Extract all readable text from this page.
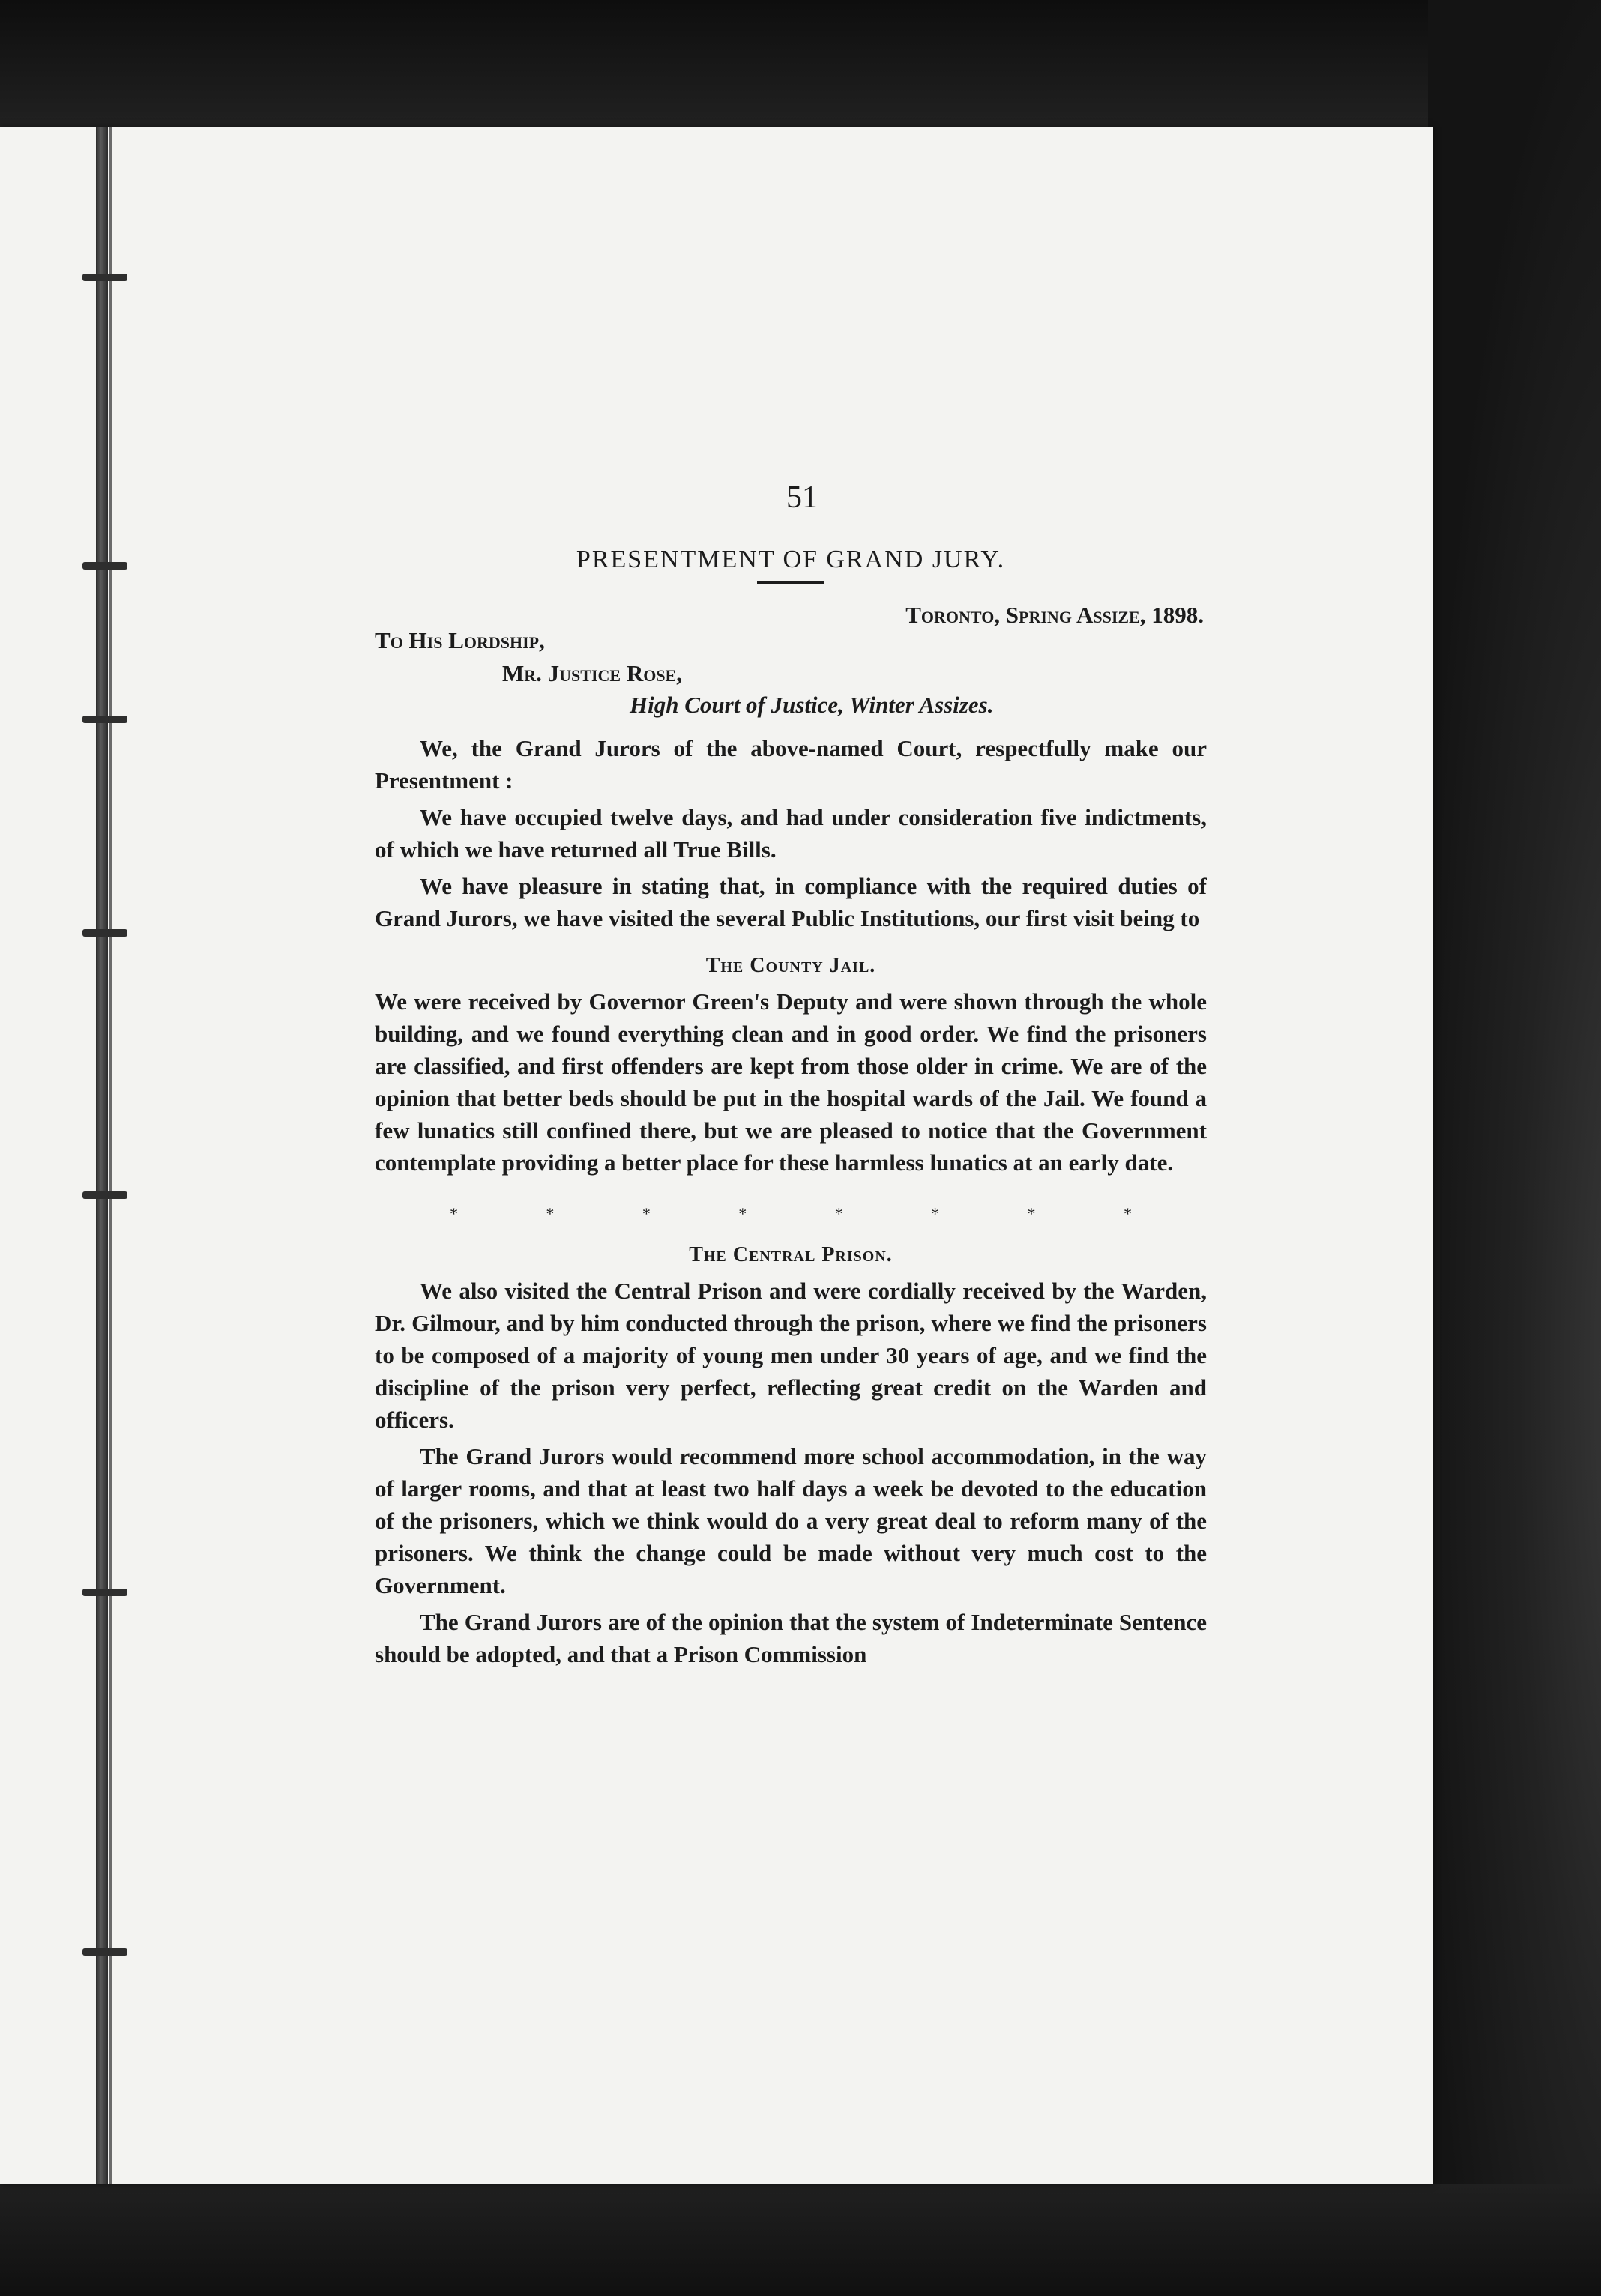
51
PRESENTMENT OF GRAND JURY.
Toronto, Spring Assize, 1898.
To His Lordship,
Mr. Justice Rose,
High Court of Justice, Winter Assizes.

We, the Grand Jurors of the above-named Court, respectfully make our Presentment :

We have occupied twelve days, and had under consideration five indictments, of which we have returned all True Bills.

We have pleasure in stating that, in compliance with the required duties of Grand Jurors, we have visited the several Public Institutions, our first visit being to

The County Jail.

We were received by Governor Green's Deputy and were shown through the whole building, and we found everything clean and in good order. We find the prisoners are classified, and first offenders are kept from those older in crime. We are of the opinion that better beds should be put in the hospital wards of the Jail. We found a few lunatics still confined there, but we are pleased to notice that the Government contemplate providing a better place for these harmless lunatics at an early date.

*	*	*	*	*	*	*	*
The Central Prison.

We also visited the Central Prison and were cordially received by the Warden, Dr. Gilmour, and by him conducted through the prison, where we find the prisoners to be composed of a majority of young men under 30 years of age, and we find the discipline of the prison very perfect, reflecting great credit on the Warden and officers.

The Grand Jurors would recommend more school accommodation, in the way of larger rooms, and that at least two half days a week be devoted to the education of the prisoners, which we think would do a very great deal to reform many of the prisoners. We think the change could be made without very much cost to the Government.

The Grand Jurors are of the opinion that the system of Indeterminate Sentence should be adopted, and that a Prison Commission
